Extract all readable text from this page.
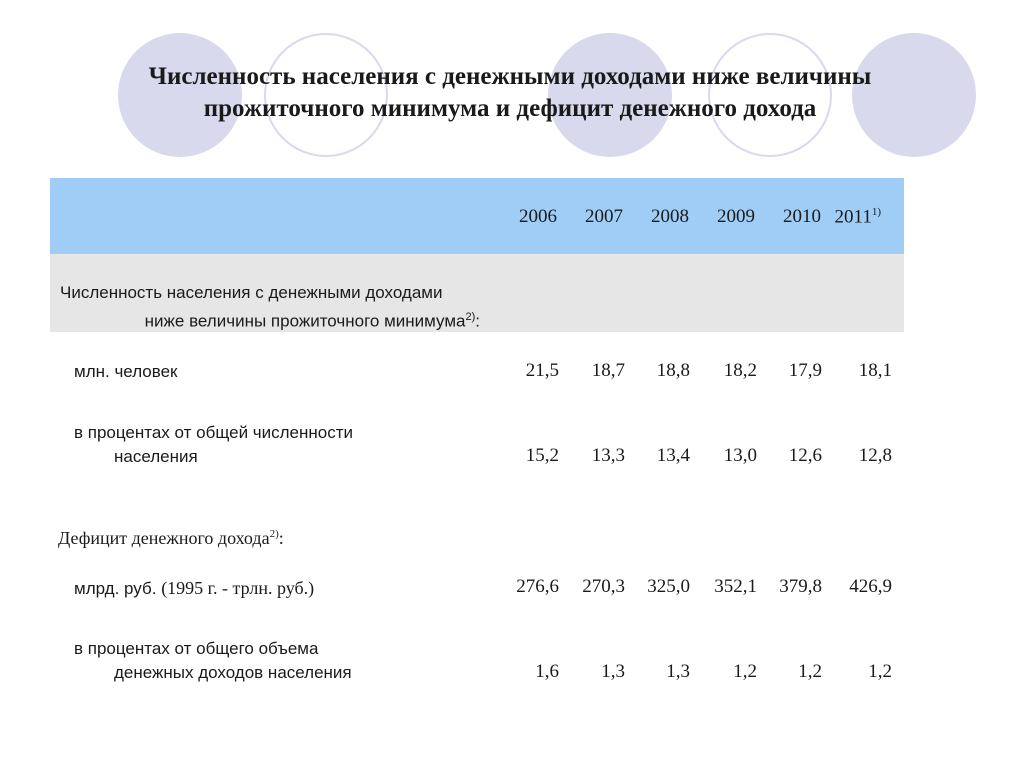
Численность населения с денежными доходами ниже величины
прожиточного минимума и дефицит денежного дохода
2006	2007	2008	2009	2010 2011$^{1)}$
Численность населения с денежными доходами
ниже величины прожиточного минимума$^{2)}$:
млн. человек	21,5	18,7	18,8	18,2	17,9	18,1
в процентах от общей численности
населения	15,2	13,3	13,4	13,0	12,6	12,8
Дефицит денежного дохода$^{2)}$:
млрд. руб. (1995 г. - трлн. руб.)	276,6	270,3	325,0	352,1	379,8	426,9
в процентах от общего объема
денежных доходов населения	1,6	1,3	1,3	1,2	1,2	1,2
